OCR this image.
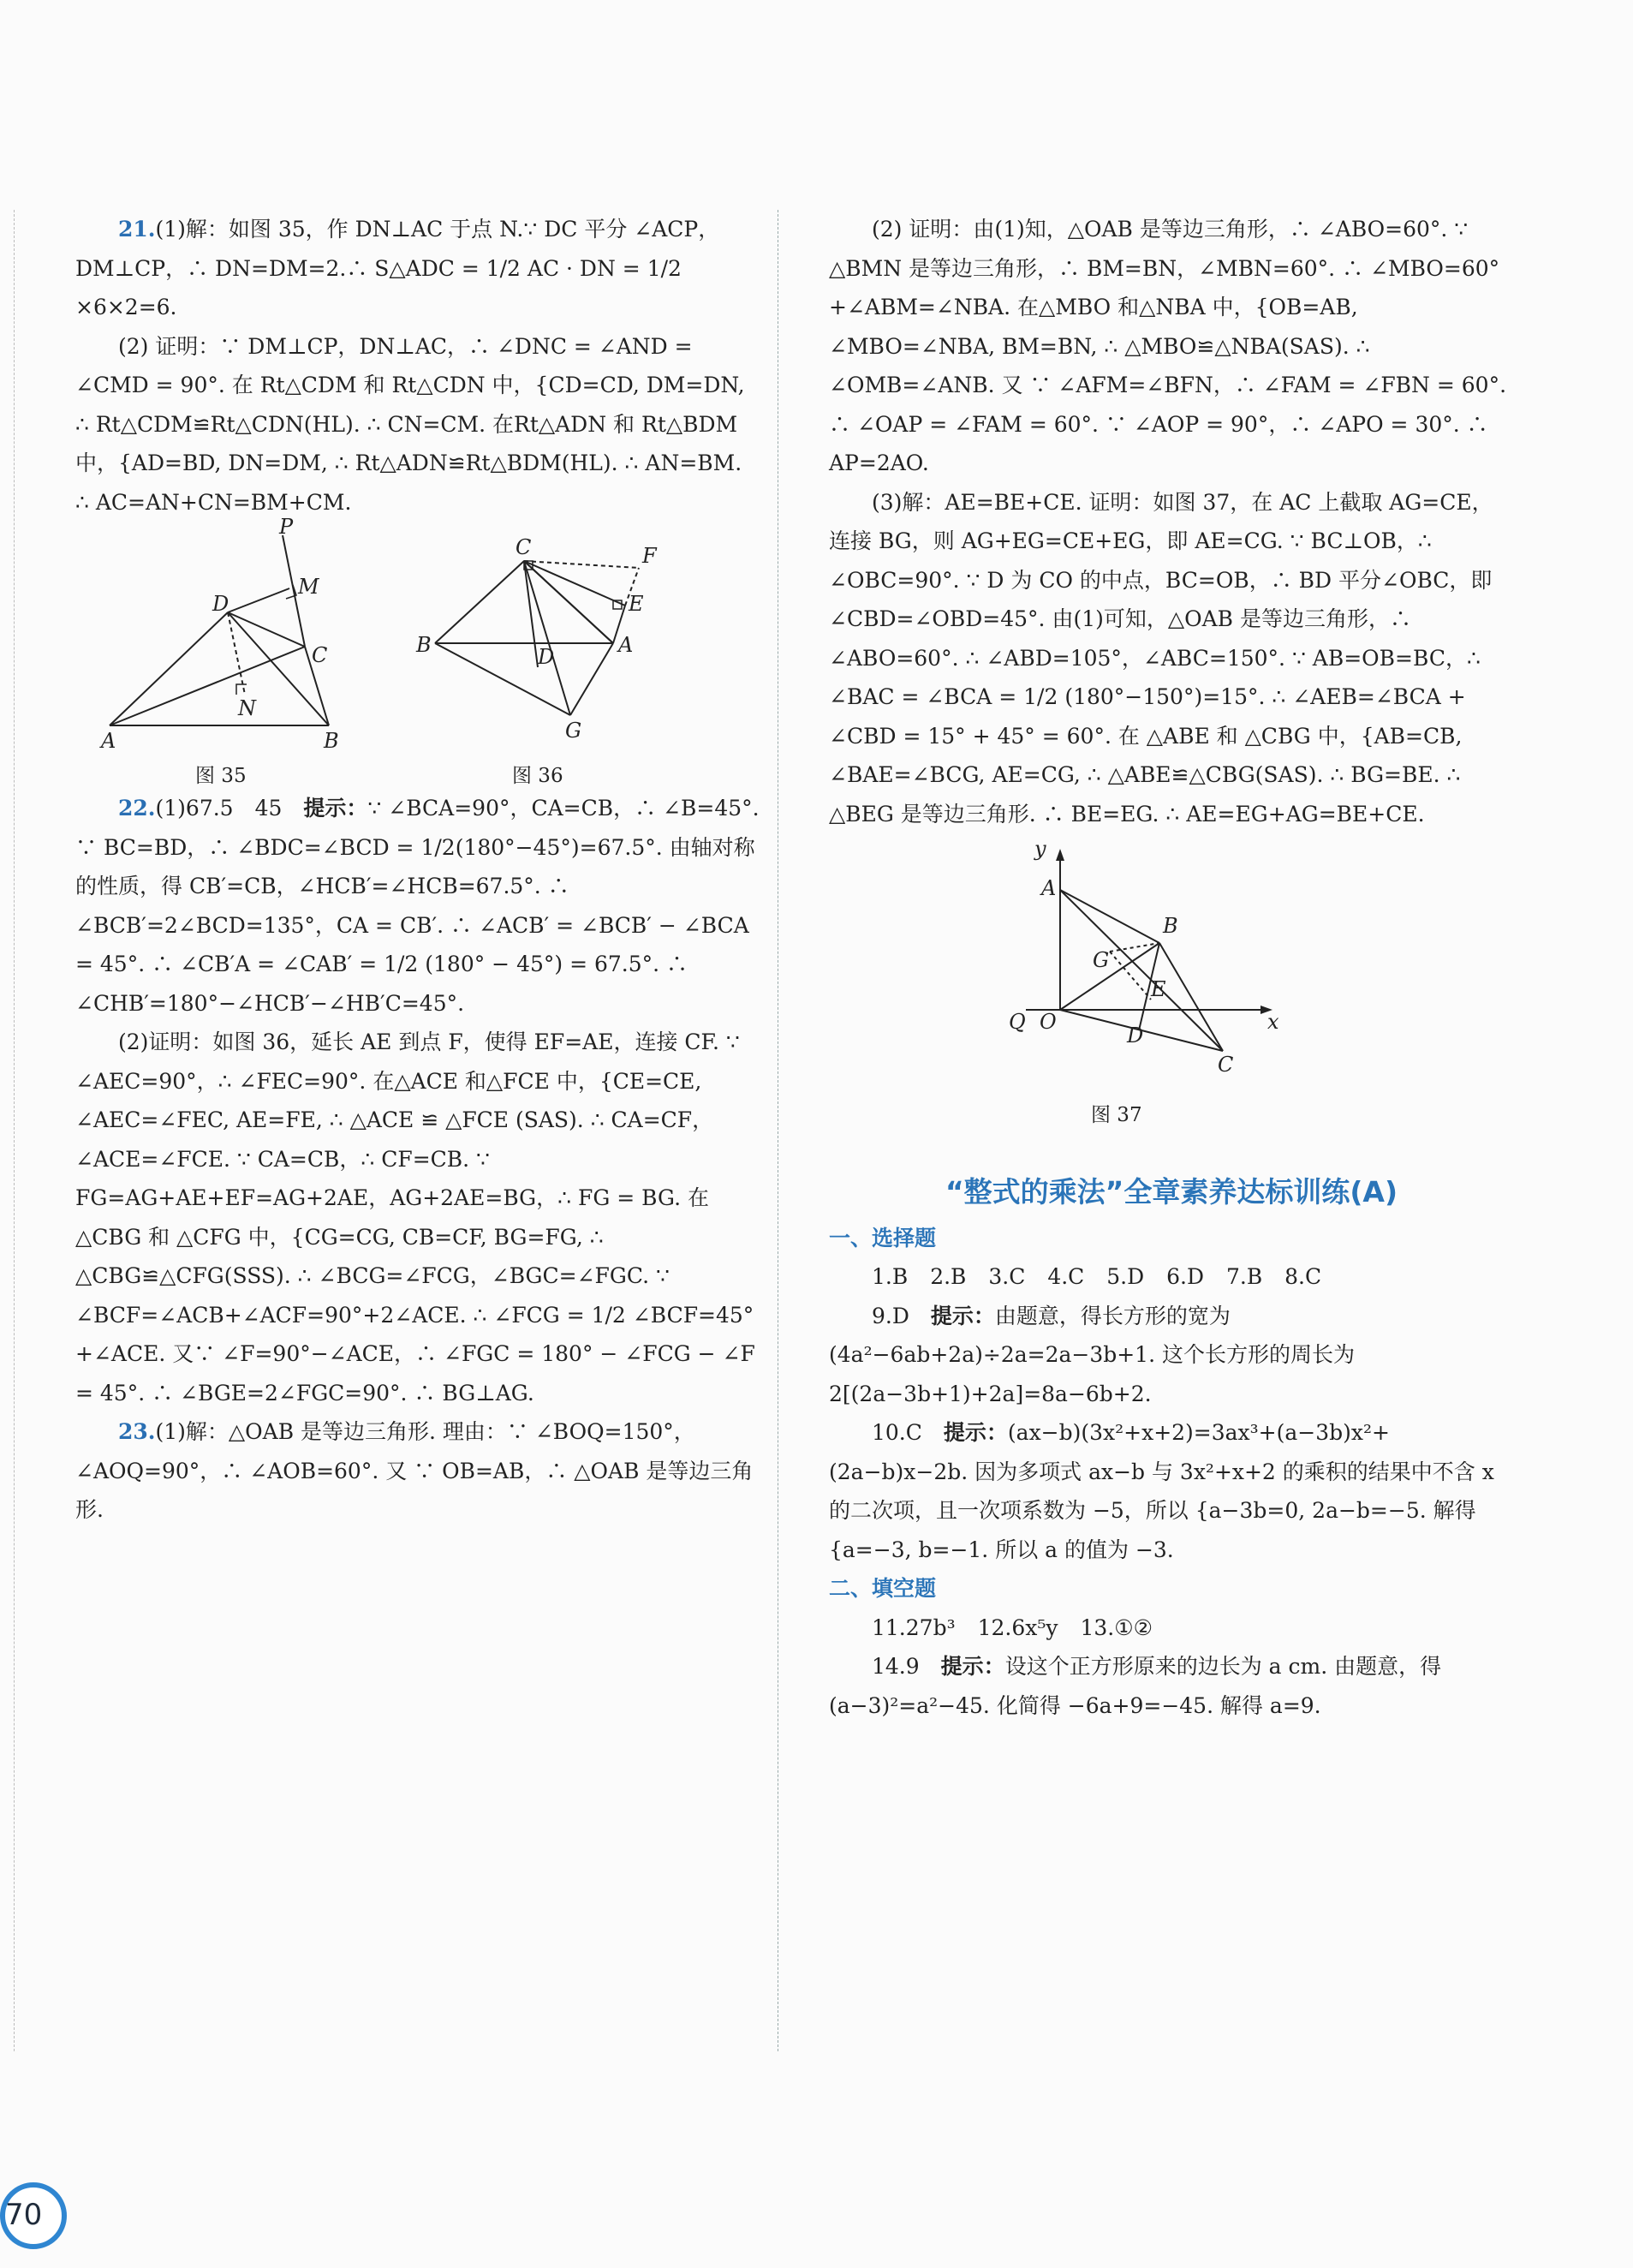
21.(1)解：如图 35，作 DN⊥AC 于点 N.∵ DC 平分 ∠ACP，DM⊥CP，∴ DN=DM=2.∴ S△ADC = 1/2 AC · DN = 1/2 ×6×2=6.

(2) 证明：∵ DM⊥CP，DN⊥AC，∴ ∠DNC = ∠AND = ∠CMD = 90°. 在 Rt△CDM 和 Rt△CDN 中，{CD=CD, DM=DN, ∴ Rt△CDM≌Rt△CDN(HL). ∴ CN=CM. 在Rt△ADN 和 Rt△BDM 中，{AD=BD, DN=DM, ∴ Rt△ADN≌Rt△BDM(HL). ∴ AN=BM. ∴ AC=AN+CN=BM+CM.

P
M
D
C
N
A	B
图 35
C	F
E
B	D	A
G
图 36

22.(1)67.5　45　提示：∵ ∠BCA=90°，CA=CB，∴ ∠B=45°. ∵ BC=BD，∴ ∠BDC=∠BCD = 1/2(180°−45°)=67.5°. 由轴对称的性质，得 CB′=CB，∠HCB′=∠HCB=67.5°. ∴ ∠BCB′=2∠BCD=135°，CA = CB′. ∴ ∠ACB′ = ∠BCB′ − ∠BCA = 45°. ∴ ∠CB′A = ∠CAB′ = 1/2 (180° − 45°) = 67.5°. ∴ ∠CHB′=180°−∠HCB′−∠HB′C=45°.

(2)证明：如图 36，延长 AE 到点 F，使得 EF=AE，连接 CF. ∵ ∠AEC=90°，∴ ∠FEC=90°. 在△ACE 和△FCE 中，{CE=CE, ∠AEC=∠FEC, AE=FE, ∴ △ACE ≌ △FCE (SAS). ∴ CA=CF，∠ACE=∠FCE. ∵ CA=CB，∴ CF=CB. ∵ FG=AG+AE+EF=AG+2AE，AG+2AE=BG，∴ FG = BG. 在 △CBG 和 △CFG 中，{CG=CG, CB=CF, BG=FG, ∴ △CBG≌△CFG(SSS). ∴ ∠BCG=∠FCG，∠BGC=∠FGC. ∵ ∠BCF=∠ACB+∠ACF=90°+2∠ACE. ∴ ∠FCG = 1/2 ∠BCF=45°+∠ACE. 又∵ ∠F=90°−∠ACE，∴ ∠FGC = 180° − ∠FCG − ∠F = 45°. ∴ ∠BGE=2∠FGC=90°. ∴ BG⊥AG.

23.(1)解：△OAB 是等边三角形. 理由：∵ ∠BOQ=150°，∠AOQ=90°，∴ ∠AOB=60°. 又 ∵ OB=AB，∴ △OAB 是等边三角形.

(2) 证明：由(1)知，△OAB 是等边三角形，∴ ∠ABO=60°. ∵ △BMN 是等边三角形，∴ BM=BN，∠MBN=60°. ∴ ∠MBO=60°+∠ABM=∠NBA. 在△MBO 和△NBA 中，{OB=AB, ∠MBO=∠NBA, BM=BN, ∴ △MBO≌△NBA(SAS). ∴ ∠OMB=∠ANB. 又 ∵ ∠AFM=∠BFN，∴ ∠FAM = ∠FBN = 60°. ∴ ∠OAP = ∠FAM = 60°. ∵ ∠AOP = 90°，∴ ∠APO = 30°. ∴ AP=2AO.

(3)解：AE=BE+CE. 证明：如图 37，在 AC 上截取 AG=CE，连接 BG，则 AG+EG=CE+EG，即 AE=CG. ∵ BC⊥OB，∴ ∠OBC=90°. ∵ D 为 CO 的中点，BC=OB，∴ BD 平分∠OBC，即∠CBD=∠OBD=45°. 由(1)可知，△OAB 是等边三角形，∴ ∠ABO=60°. ∴ ∠ABD=105°，∠ABC=150°. ∵ AB=OB=BC，∴ ∠BAC = ∠BCA = 1/2 (180°−150°)=15°. ∴ ∠AEB=∠BCA + ∠CBD = 15° + 45° = 60°. 在 △ABE 和 △CBG 中，{AB=CB, ∠BAE=∠BCG, AE=CG, ∴ △ABE≌△CBG(SAS). ∴ BG=BE. ∴ △BEG 是等边三角形. ∴ BE=EG. ∴ AE=EG+AG=BE+CE.

y
A
B
G
E
Q O
D
x
C
图 37
“整式的乘法”全章素养达标训练(A)
一、选择题

1.B 2.B 3.C 4.C 5.D 6.D 7.B 8.C

9.D　提示：由题意，得长方形的宽为(4a²−6ab+2a)÷2a=2a−3b+1. 这个长方形的周长为 2[(2a−3b+1)+2a]=8a−6b+2.

10.C　提示：(ax−b)(3x²+x+2)=3ax³+(a−3b)x²+(2a−b)x−2b. 因为多项式 ax−b 与 3x²+x+2 的乘积的结果中不含 x 的二次项，且一次项系数为 −5，所以 {a−3b=0, 2a−b=−5. 解得 {a=−3, b=−1. 所以 a 的值为 −3.

二、填空题

11.27b³ 12.6x⁵y 13.①②

14.9　提示：设这个正方形原来的边长为 a cm. 由题意，得(a−3)²=a²−45. 化简得 −6a+9=−45. 解得 a=9.

70
